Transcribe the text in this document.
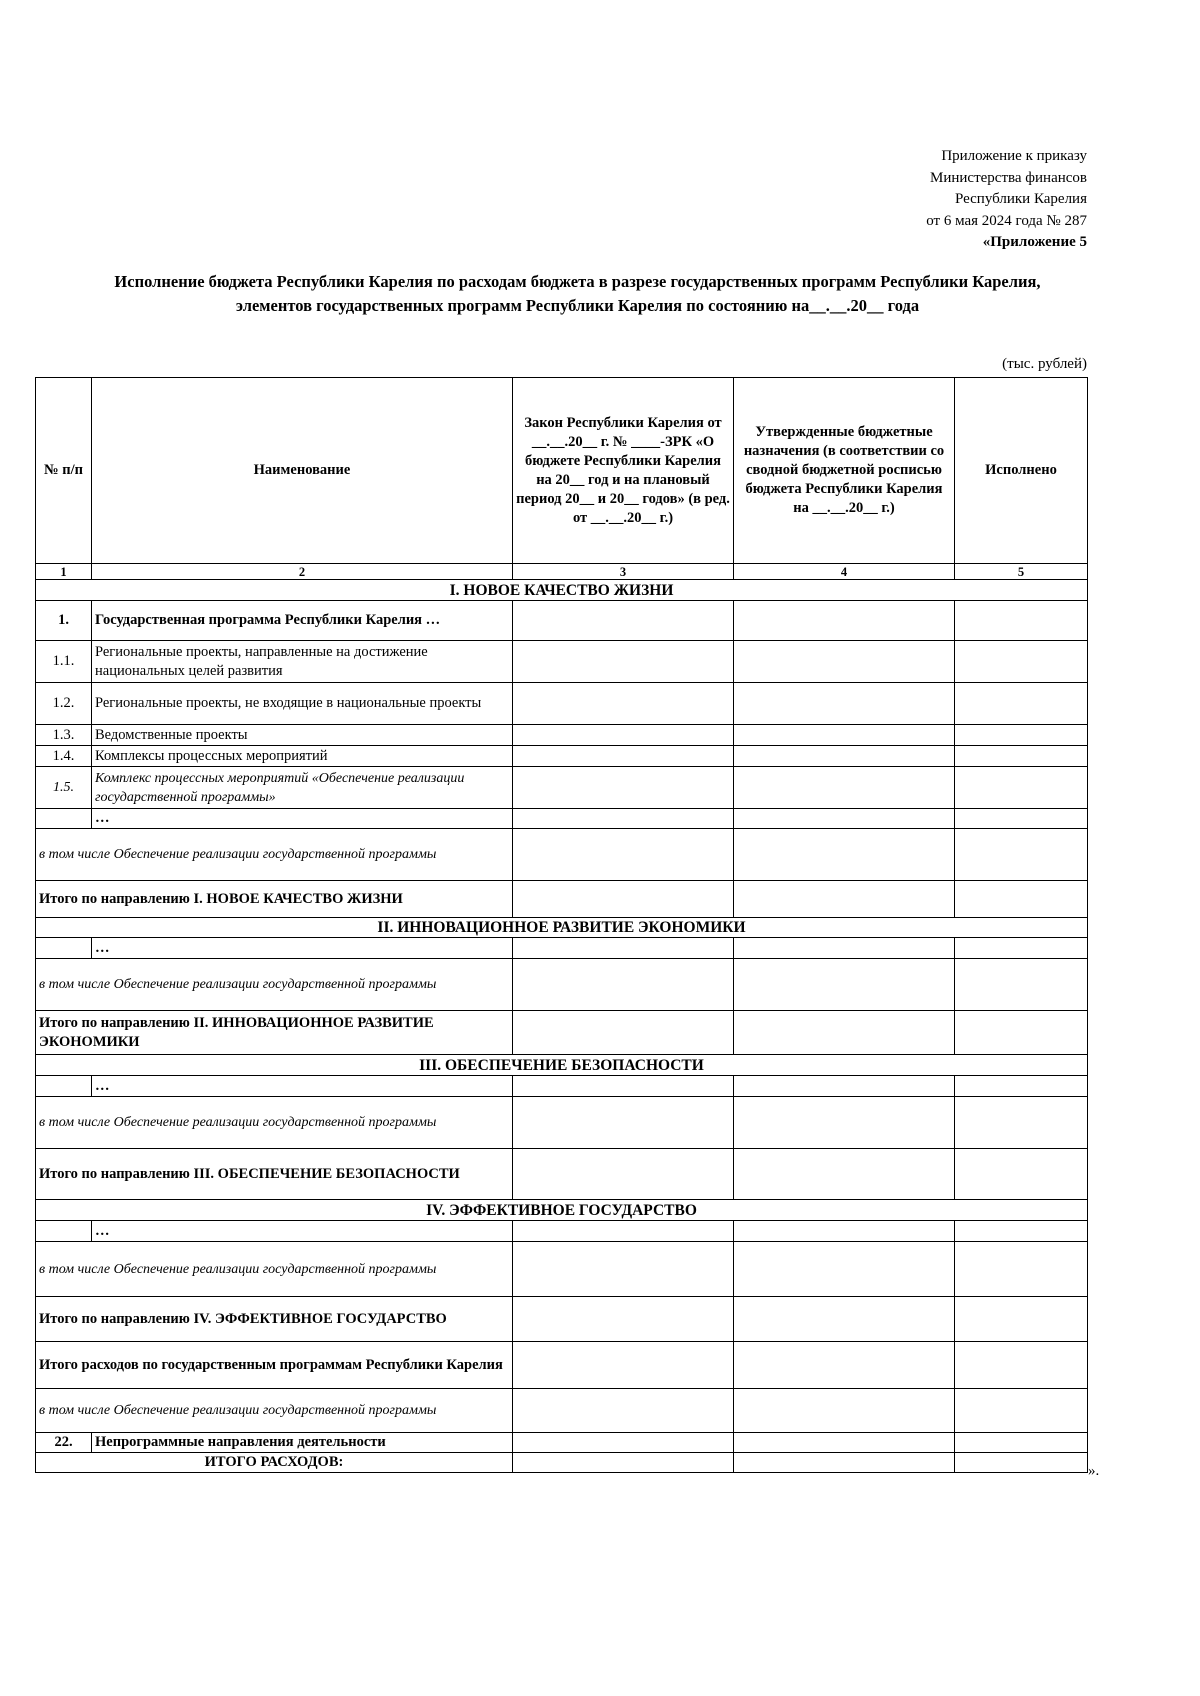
Приложение к приказу
Министерства финансов
Республики Карелия
от 6 мая 2024 года № 287
«Приложение 5
Исполнение бюджета Республики Карелия по расходам бюджета в разрезе государственных программ Республики Карелия,
элементов государственных программ Республики Карелия по состоянию на__.__.20__ года
(тыс. рублей)
№ п/п	Наименование	Закон Республики Карелия от __.__.20__ г. № ____-ЗРК «О бюджете Республики Карелия на 20__ год и на плановый период 20__ и 20__ годов» (в ред. от __.__.20__ г.)	Утвержденные бюджетные назначения (в соответствии со сводной бюджетной росписью бюджета Республики Карелия на __.__.20__ г.)	Исполнено
1	2	3	4	5
I. НОВОЕ КАЧЕСТВО ЖИЗНИ				
1.	Государственная программа Республики Карелия …			
1.1.	Региональные проекты, направленные на достижение национальных целей развития			
1.2.	Региональные проекты, не входящие в национальные проекты			
1.3.	Ведомственные проекты			
1.4.	Комплексы процессных мероприятий			
1.5.	Комплекс процессных мероприятий «Обеспечение реализации государственной программы»			
	…			
в том числе Обеспечение реализации государственной программы				
Итого по направлению I. НОВОЕ КАЧЕСТВО ЖИЗНИ				
II. ИННОВАЦИОННОЕ РАЗВИТИЕ ЭКОНОМИКИ				
	…			
в том числе Обеспечение реализации государственной программы				
Итого по направлению II. ИННОВАЦИОННОЕ РАЗВИТИЕ ЭКОНОМИКИ				
III. ОБЕСПЕЧЕНИЕ БЕЗОПАСНОСТИ				
	…			
в том числе Обеспечение реализации государственной программы				
Итого по направлению III. ОБЕСПЕЧЕНИЕ БЕЗОПАСНОСТИ				
IV. ЭФФЕКТИВНОЕ ГОСУДАРСТВО				
	…			
в том числе Обеспечение реализации государственной программы				
Итого по направлению IV. ЭФФЕКТИВНОЕ ГОСУДАРСТВО				
Итого расходов по государственным программам Республики Карелия				
в том числе Обеспечение реализации государственной программы				
22.	Непрограммные направления деятельности			
ИТОГО РАСХОДОВ:				
».
